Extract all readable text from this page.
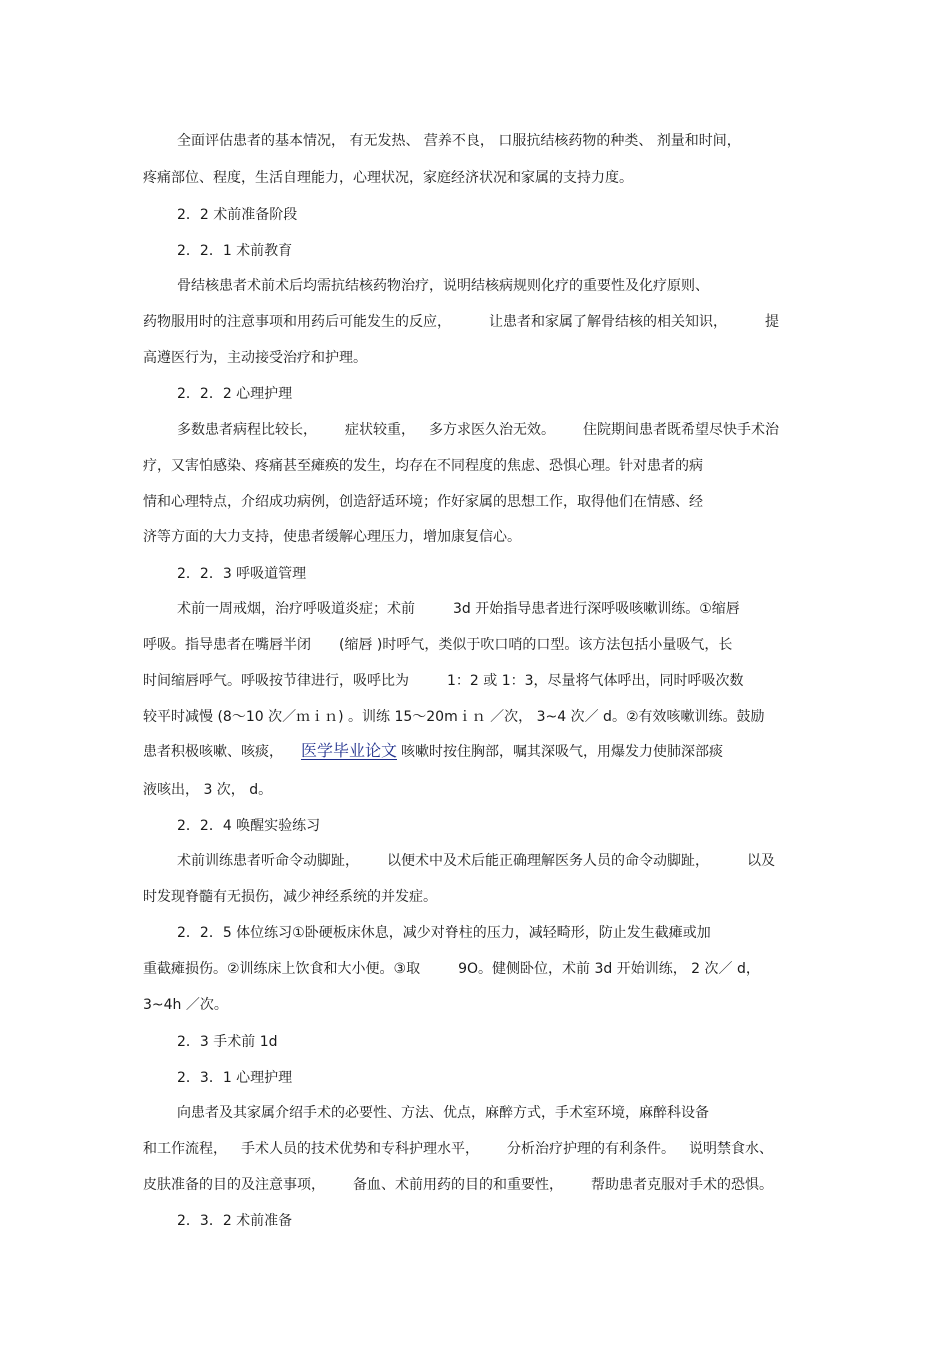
全面评估患者的基本情况， 有无发热、 营养不良， 口服抗结核药物的种类、 剂量和时间，

疼痛部位、程度，生活自理能力，心理状况，家庭经济状况和家属的支持力度。

2．2 术前准备阶段

2．2．1 术前教育

骨结核患者术前术后均需抗结核药物治疗，说明结核病规则化疗的重要性及化疗原则、

药物服用时的注意事项和用药后可能发生的反应，	让患者和家属了解骨结核的相关知识，	提

高遵医行为，主动接受治疗和护理。

2．2．2 心理护理

多数患者病程比较长， 症状较重， 多方求医久治无效。 住院期间患者既希望尽快手术治

疗，又害怕感染、疼痛甚至瘫痪的发生，均存在不同程度的焦虑、恐惧心理。针对患者的病

情和心理特点，介绍成功病例，创造舒适环境；作好家属的思想工作，取得他们在情感、经

济等方面的大力支持，使患者缓解心理压力，增加康复信心。

2．2．3 呼吸道管理

术前一周戒烟，治疗呼吸道炎症；术前	3d 开始指导患者进行深呼吸咳嗽训练。①缩唇

呼吸。指导患者在嘴唇半闭 (缩唇 )时呼气，类似于吹口哨的口型。该方法包括小量吸气，长

时间缩唇呼气。呼吸按节律进行，吸呼比为	1：2 或 1：3，尽量将气体呼出，同时呼吸次数

较平时减慢 (8～10 次／ｍｉｎ) 。训练 15～20mｉｎ ／次， 3~4 次／ d。②有效咳嗽训练。鼓励

患者积极咳嗽、咳痰， 医学毕业论文 咳嗽时按住胸部，嘱其深吸气，用爆发力使肺深部痰

液咳出， 3 次， d。

2．2．4 唤醒实验练习

术前训练患者听命令动脚趾， 以便术中及术后能正确理解医务人员的命令动脚趾，	以及

时发现脊髓有无损伤，减少神经系统的并发症。

2．2．5 体位练习①卧硬板床休息，减少对脊柱的压力，减轻畸形，防止发生截瘫或加

重截瘫损伤。②训练床上饮食和大小便。③取	9O。健侧卧位，术前 3d 开始训练， 2 次／ d，

3~4h ／次。

2．3 手术前 1d

2．3．1 心理护理

向患者及其家属介绍手术的必要性、方法、优点，麻醉方式，手术室环境，麻醉科设备

和工作流程， 手术人员的技术优势和专科护理水平， 分析治疗护理的有利条件。 说明禁食水、

皮肤准备的目的及注意事项， 备血、术前用药的目的和重要性， 帮助患者克服对手术的恐惧。

2．3．2 术前准备
